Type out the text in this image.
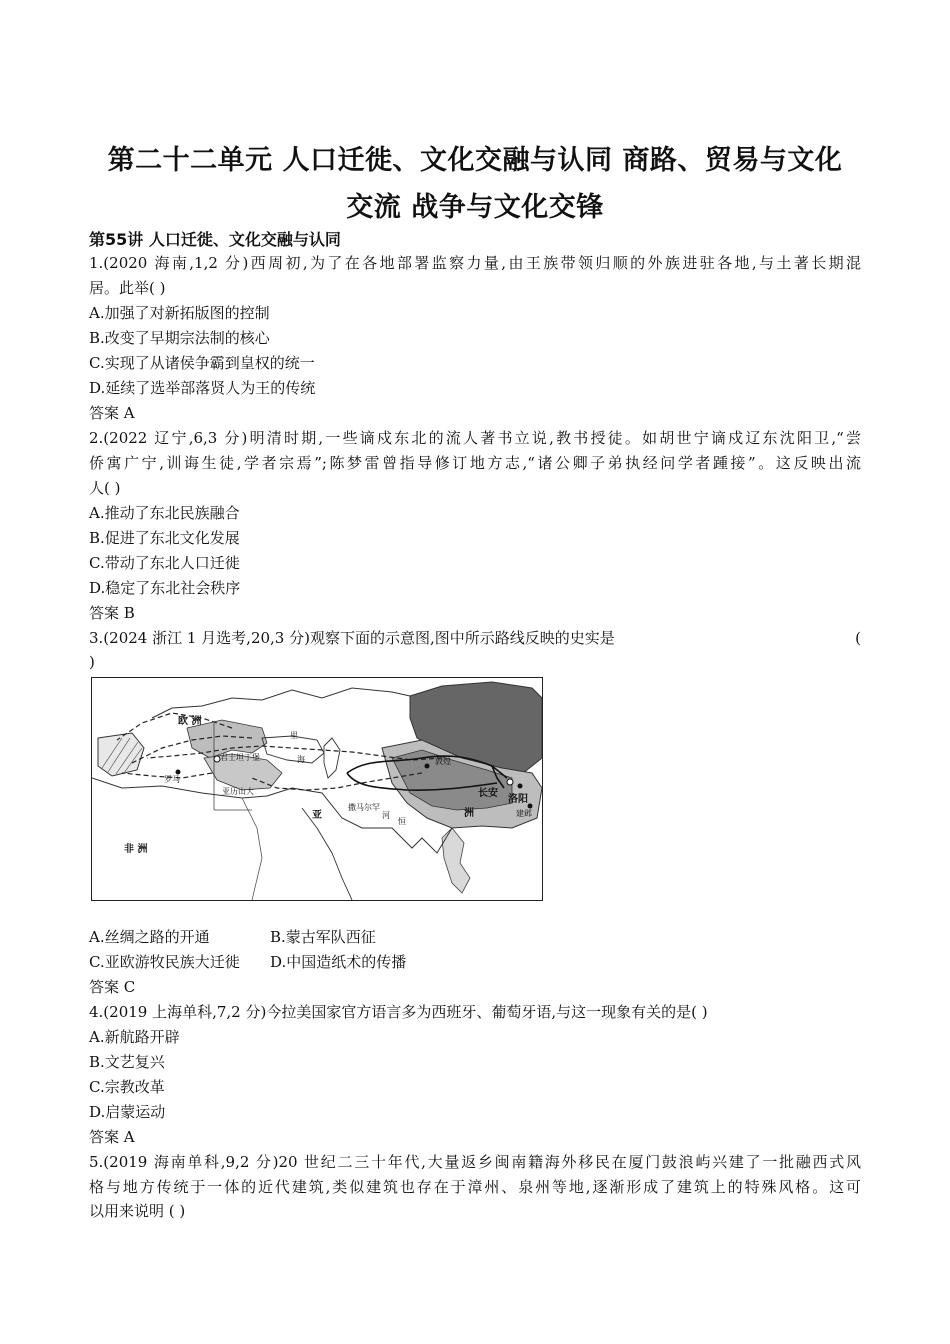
第二十二单元 人口迁徙、文化交融与认同 商路、贸易与文化
交流 战争与文化交锋
第55讲 人口迁徙、文化交融与认同
1.(2020 海南,1,2 分)西周初,为了在各地部署监察力量,由王族带领归顺的外族进驻各地,与土著长期混
居。此举( )
A.加强了对新拓版图的控制
B.改变了早期宗法制的核心
C.实现了从诸侯争霸到皇权的统一
D.延续了选举部落贤人为王的传统
答案 A
2.(2022 辽宁,6,3 分)明清时期,一些谪戍东北的流人著书立说,教书授徒。如胡世宁谪戍辽东沈阳卫,“尝
侨寓广宁,训诲生徒,学者宗焉”;陈梦雷曾指导修订地方志,“诸公卿子弟执经问学者踵接”。这反映出流
人( )
A.推动了东北民族融合
B.促进了东北文化发展
C.带动了东北人口迁徙
D.稳定了东北社会秩序
答案 B
3.(2024 浙江 1 月选考,20,3 分)观察下面的示意图,图中所示路线反映的史实是	(
)
欧 洲
亚	洲
非 洲
君士坦丁堡
罗马
亚历山大
里
海	敦煌
长安
洛阳
建邺
撒马尔罕
恒
河
A.丝绸之路的开通	B.蒙古军队西征
C.亚欧游牧民族大迁徙 D.中国造纸术的传播
答案 C
4.(2019 上海单科,7,2 分)今拉美国家官方语言多为西班牙、葡萄牙语,与这一现象有关的是( )
A.新航路开辟
B.文艺复兴
C.宗教改革
D.启蒙运动
答案 A
5.(2019 海南单科,9,2 分)20 世纪二三十年代,大量返乡闽南籍海外移民在厦门鼓浪屿兴建了一批融西式风
格与地方传统于一体的近代建筑,类似建筑也存在于漳州、泉州等地,逐渐形成了建筑上的特殊风格。这可
以用来说明 ( )
